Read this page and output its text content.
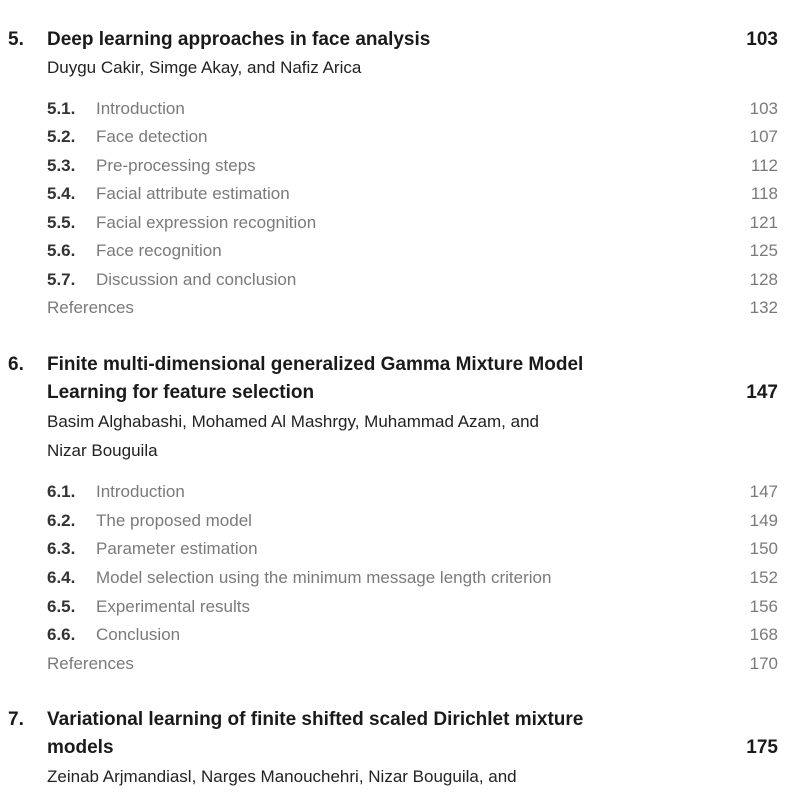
5. Deep learning approaches in face analysis	103
Duygu Cakir, Simge Akay, and Nafiz Arica
5.1. Introduction	103
5.2. Face detection	107
5.3. Pre-processing steps	112
5.4. Facial attribute estimation	118
5.5. Facial expression recognition	121
5.6. Face recognition	125
5.7. Discussion and conclusion	128
References	132
6. Finite multi-dimensional generalized Gamma Mixture Model
Learning for feature selection	147
Basim Alghabashi, Mohamed Al Mashrgy, Muhammad Azam, and
Nizar Bouguila
6.1. Introduction	147
6.2. The proposed model	149
6.3. Parameter estimation	150
6.4. Model selection using the minimum message length criterion	152
6.5. Experimental results	156
6.6. Conclusion	168
References	170
7. Variational learning of finite shifted scaled Dirichlet mixture
models	175
Zeinab Arjmandiasl, Narges Manouchehri, Nizar Bouguila, and
